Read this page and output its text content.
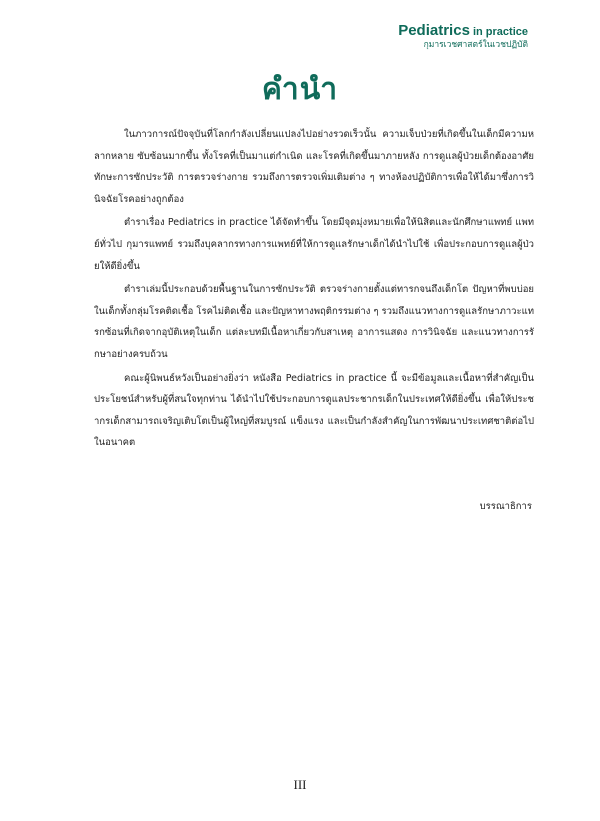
Pediatrics in practice
กุมารเวชศาสตร์ในเวชปฏิบัติ
คำนำ

ในภาวการณ์ปัจจุบันที่โลกกำลังเปลี่ยนแปลงไปอย่างรวดเร็วนั้น ความเจ็บป่วยที่เกิดขึ้นในเด็กมีความหลากหลาย ซับซ้อนมากขึ้น ทั้งโรคที่เป็นมาแต่กำเนิด และโรคที่เกิดขึ้นมาภายหลัง การดูแลผู้ป่วยเด็กต้องอาศัยทักษะการซักประวัติ การตรวจร่างกาย รวมถึงการตรวจเพิ่มเติมต่าง ๆ ทางห้องปฏิบัติการเพื่อให้ได้มาซึ่งการวินิจฉัยโรคอย่างถูกต้อง

ตำราเรื่อง Pediatrics in practice ได้จัดทำขึ้น โดยมีจุดมุ่งหมายเพื่อให้นิสิตและนักศึกษาแพทย์ แพทย์ทั่วไป กุมารแพทย์ รวมถึงบุคลากรทางการแพทย์ที่ให้การดูแลรักษาเด็กได้นำไปใช้ เพื่อประกอบการดูแลผู้ป่วยให้ดียิ่งขึ้น

ตำราเล่มนี้ประกอบด้วยพื้นฐานในการซักประวัติ ตรวจร่างกายตั้งแต่ทารกจนถึงเด็กโต ปัญหาที่พบบ่อยในเด็กทั้งกลุ่มโรคติดเชื้อ โรคไม่ติดเชื้อ และปัญหาทางพฤติกรรมต่าง ๆ รวมถึงแนวทางการดูแลรักษาภาวะแทรกซ้อนที่เกิดจากอุบัติเหตุในเด็ก แต่ละบทมีเนื้อหาเกี่ยวกับสาเหตุ อาการแสดง การวินิจฉัย และแนวทางการรักษาอย่างครบถ้วน

คณะผู้นิพนธ์หวังเป็นอย่างยิ่งว่า หนังสือ Pediatrics in practice นี้ จะมีข้อมูลและเนื้อหาที่สำคัญเป็นประโยชน์สำหรับผู้ที่สนใจทุกท่าน ได้นำไปใช้ประกอบการดูแลประชากรเด็กในประเทศให้ดียิ่งขึ้น เพื่อให้ประชากรเด็กสามารถเจริญเติบโตเป็นผู้ใหญ่ที่สมบูรณ์ แข็งแรง และเป็นกำลังสำคัญในการพัฒนาประเทศชาติต่อไปในอนาคต

บรรณาธิการ
III
